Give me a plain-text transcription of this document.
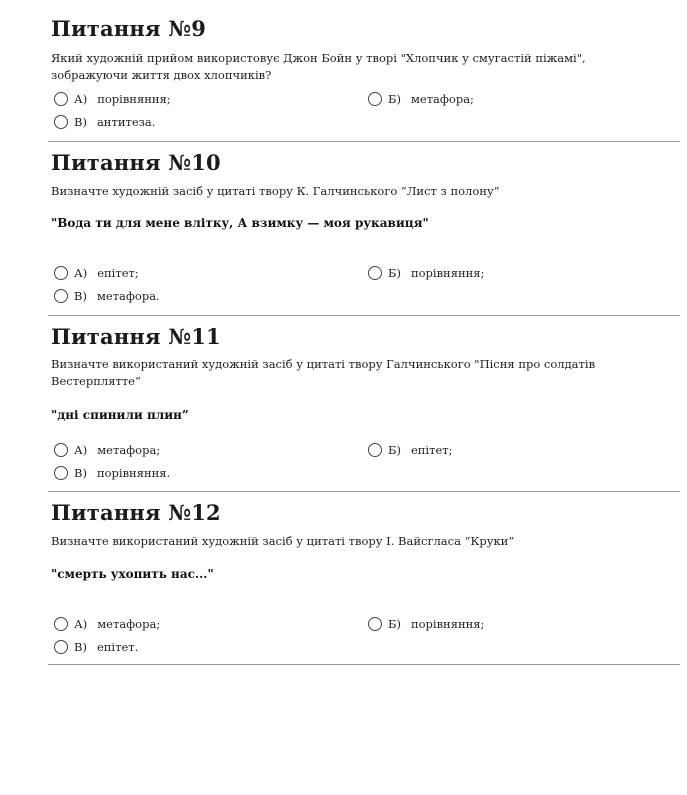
Питання №9

Який художній прийом використовує Джон Бойн у творі "Хлопчик у смугастій піжамі",
зображуючи життя двох хлопчиків?

А) порівняння;	Б) метафора;
В) антитеза.
Питання №10

Визначте художній засіб у цитаті твору К. Галчинського “Лист з полону”

"Вода ти для мене влітку, А взимку — моя рукавиця"

А) епітет;	Б) порівняння;
В) метафора.
Питання №11

Визначте використаний художній засіб у цитаті твору Галчинського "Пісня про солдатів
Вестерплятте“

"дні спинили плин”

А) метафора;	Б) епітет;
В) порівняння.
Питання №12

Визначте використаний художній засіб у цитаті твору І. Вайсгласа “Круки”

"смерть ухопить нас..."

А) метафора;	Б) порівняння;
В) епітет.
